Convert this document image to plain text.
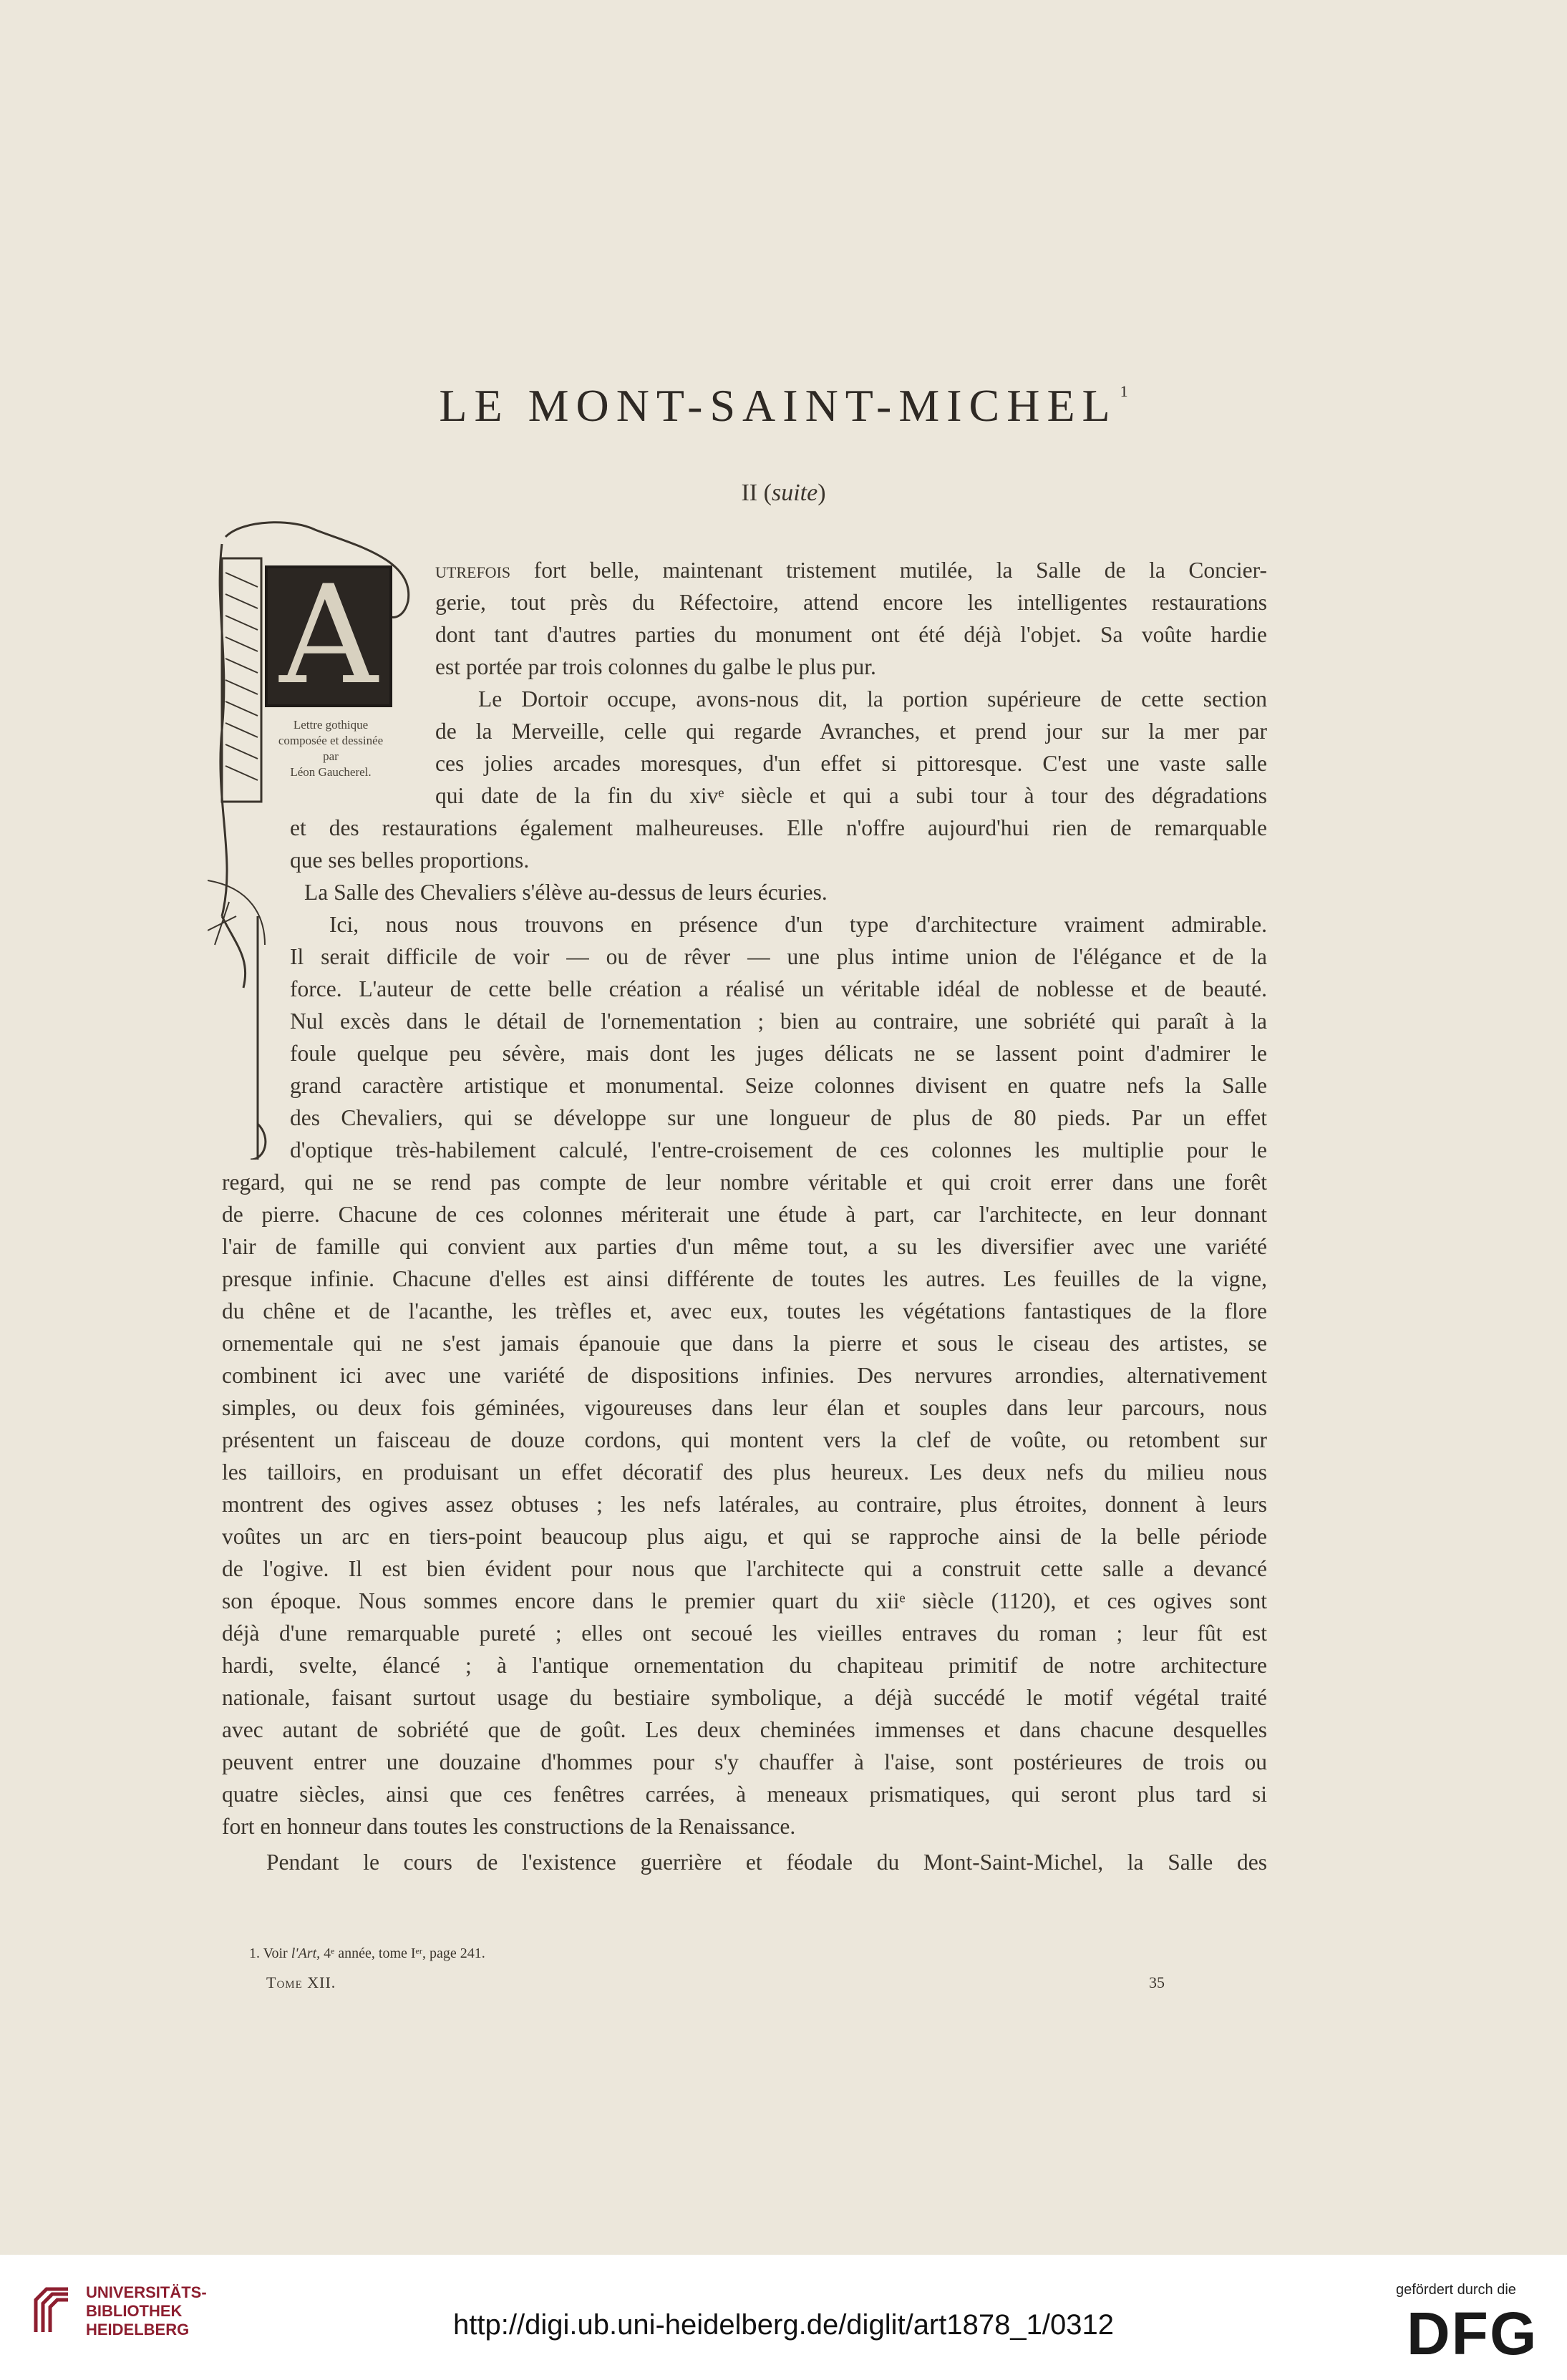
LE MONT-SAINT-MICHEL $^1$
II (suite)
A
Lettre gothique
composée et dessinée
par
Léon Gaucherel.
utrefois fort belle, maintenant tristement mutilée, la Salle de la Concier-
gerie, tout près du Réfectoire, attend encore les intelligentes restaurations
dont tant d'autres parties du monument ont été déjà l'objet. Sa voûte hardie
est portée par trois colonnes du galbe le plus pur.
Le Dortoir occupe, avons-nous dit, la portion supérieure de cette section
de la Merveille, celle qui regarde Avranches, et prend jour sur la mer par
ces jolies arcades moresques, d'un effet si pittoresque. C'est une vaste salle
qui date de la fin du xivᵉ siècle et qui a subi tour à tour des dégradations
et des restaurations également malheureuses. Elle n'offre aujourd'hui rien de remarquable
que ses belles proportions.
La Salle des Chevaliers s'élève au-dessus de leurs écuries.
Ici, nous nous trouvons en présence d'un type d'architecture vraiment admirable.
Il serait difficile de voir — ou de rêver — une plus intime union de l'élégance et de la
force. L'auteur de cette belle création a réalisé un véritable idéal de noblesse et de beauté.
Nul excès dans le détail de l'ornementation ; bien au contraire, une sobriété qui paraît à la
foule quelque peu sévère, mais dont les juges délicats ne se lassent point d'admirer le
grand caractère artistique et monumental. Seize colonnes divisent en quatre nefs la Salle
des Chevaliers, qui se développe sur une longueur de plus de 80 pieds. Par un effet
d'optique très-habilement calculé, l'entre-croisement de ces colonnes les multiplie pour le
regard, qui ne se rend pas compte de leur nombre véritable et qui croit errer dans une forêt
de pierre. Chacune de ces colonnes mériterait une étude à part, car l'architecte, en leur donnant
l'air de famille qui convient aux parties d'un même tout, a su les diversifier avec une variété
presque infinie. Chacune d'elles est ainsi différente de toutes les autres. Les feuilles de la vigne,
du chêne et de l'acanthe, les trèfles et, avec eux, toutes les végétations fantastiques de la flore
ornementale qui ne s'est jamais épanouie que dans la pierre et sous le ciseau des artistes, se
combinent ici avec une variété de dispositions infinies. Des nervures arrondies, alternativement
simples, ou deux fois géminées, vigoureuses dans leur élan et souples dans leur parcours, nous
présentent un faisceau de douze cordons, qui montent vers la clef de voûte, ou retombent sur
les tailloirs, en produisant un effet décoratif des plus heureux. Les deux nefs du milieu nous
montrent des ogives assez obtuses ; les nefs latérales, au contraire, plus étroites, donnent à leurs
voûtes un arc en tiers-point beaucoup plus aigu, et qui se rapproche ainsi de la belle période
de l'ogive. Il est bien évident pour nous que l'architecte qui a construit cette salle a devancé
son époque. Nous sommes encore dans le premier quart du xiiᵉ siècle (1120), et ces ogives sont
déjà d'une remarquable pureté ; elles ont secoué les vieilles entraves du roman ; leur fût est
hardi, svelte, élancé ; à l'antique ornementation du chapiteau primitif de notre architecture
nationale, faisant surtout usage du bestiaire symbolique, a déjà succédé le motif végétal traité
avec autant de sobriété que de goût. Les deux cheminées immenses et dans chacune desquelles
peuvent entrer une douzaine d'hommes pour s'y chauffer à l'aise, sont postérieures de trois ou
quatre siècles, ainsi que ces fenêtres carrées, à meneaux prismatiques, qui seront plus tard si
fort en honneur dans toutes les constructions de la Renaissance.
Pendant le cours de l'existence guerrière et féodale du Mont-Saint-Michel, la Salle des
1. Voir l'Art, 4ᵉ année, tome Iᵉʳ, page 241.
Tome XII.	35
UNIVERSITÄTS-
BIBLIOTHEK
HEIDELBERG	http://digi.ub.uni-heidelberg.de/diglit/art1878_1/0312
gefördert durch die
DFG
